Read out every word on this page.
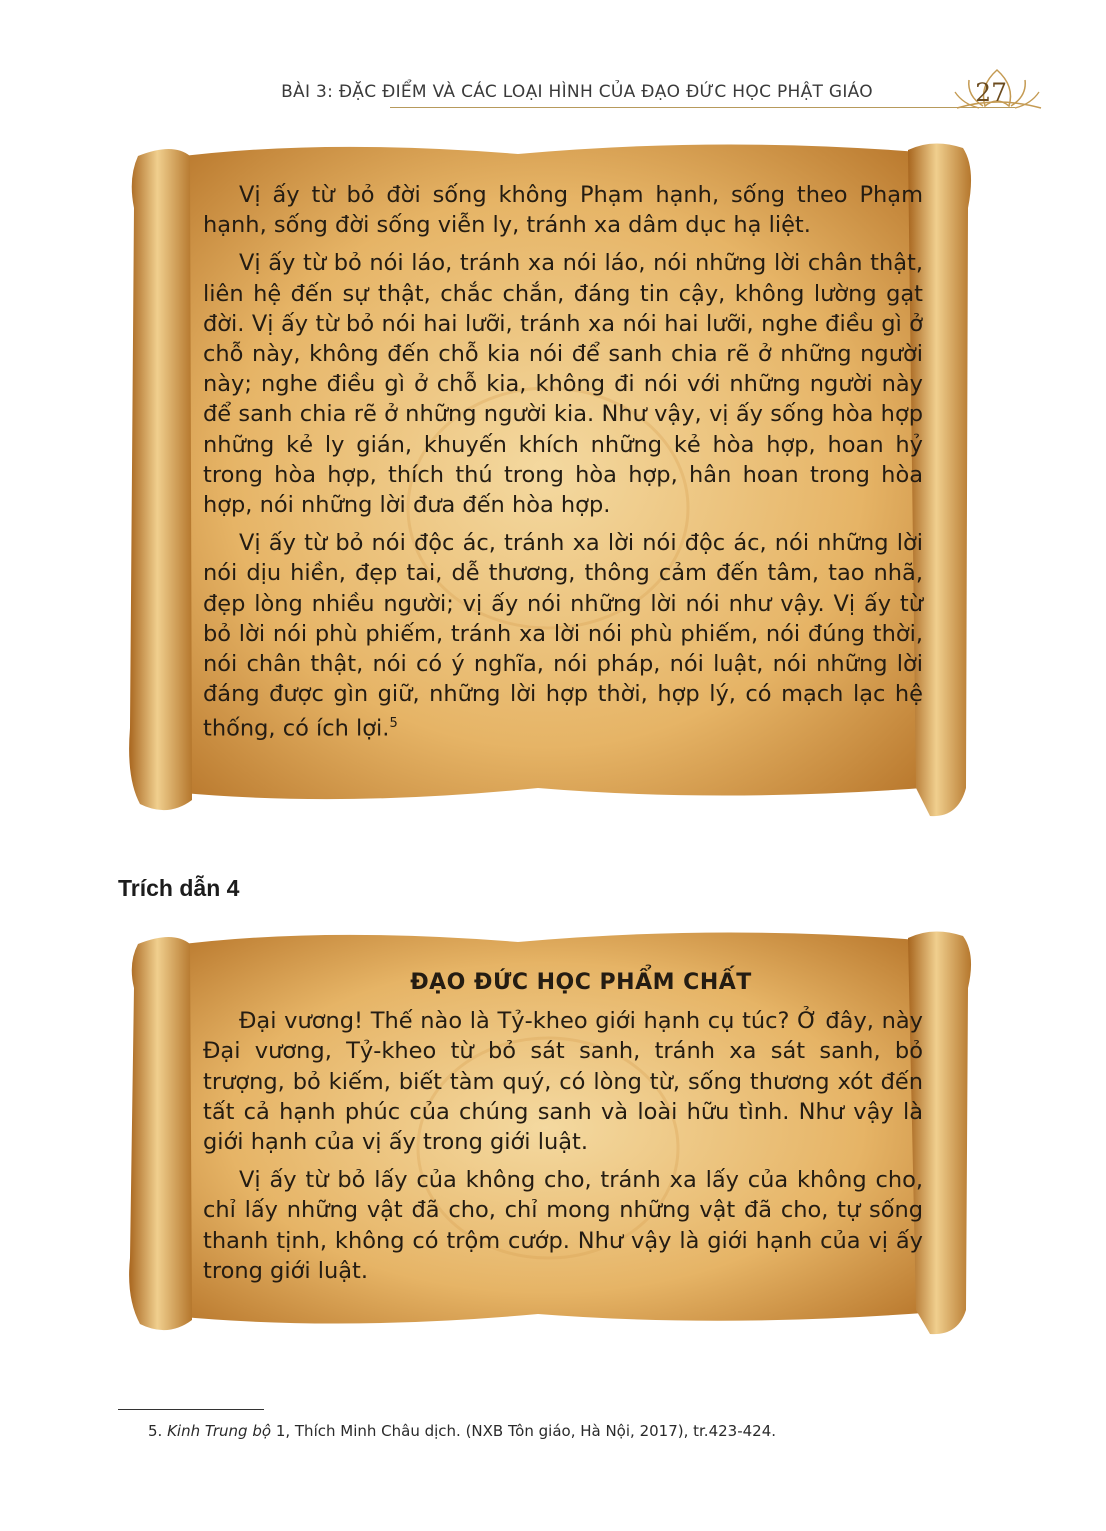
BÀI 3: ĐẶC ĐIỂM VÀ CÁC LOẠI HÌNH CỦA ĐẠO ĐỨC HỌC PHẬT GIÁO	27

Vị ấy từ bỏ đời sống không Phạm hạnh, sống theo Phạm hạnh, sống đời sống viễn ly, tránh xa dâm dục hạ liệt.

Vị ấy từ bỏ nói láo, tránh xa nói láo, nói những lời chân thật, liên hệ đến sự thật, chắc chắn, đáng tin cậy, không lường gạt đời. Vị ấy từ bỏ nói hai lưỡi, tránh xa nói hai lưỡi, nghe điều gì ở chỗ này, không đến chỗ kia nói để sanh chia rẽ ở những người này; nghe điều gì ở chỗ kia, không đi nói với những người này để sanh chia rẽ ở những người kia. Như vậy, vị ấy sống hòa hợp những kẻ ly gián, khuyến khích những kẻ hòa hợp, hoan hỷ trong hòa hợp, thích thú trong hòa hợp, hân hoan trong hòa hợp, nói những lời đưa đến hòa hợp.

Vị ấy từ bỏ nói độc ác, tránh xa lời nói độc ác, nói những lời nói dịu hiền, đẹp tai, dễ thương, thông cảm đến tâm, tao nhã, đẹp lòng nhiều người; vị ấy nói những lời nói như vậy. Vị ấy từ bỏ lời nói phù phiếm, tránh xa lời nói phù phiếm, nói đúng thời, nói chân thật, nói có ý nghĩa, nói pháp, nói luật, nói những lời đáng được gìn giữ, những lời hợp thời, hợp lý, có mạch lạc hệ thống, có ích lợi.$^5$

Trích dẫn 4

ĐẠO ĐỨC HỌC PHẨM CHẤT

Đại vương! Thế nào là Tỷ-kheo giới hạnh cụ túc? Ở đây, này Đại vương, Tỷ-kheo từ bỏ sát sanh, tránh xa sát sanh, bỏ trượng, bỏ kiếm, biết tàm quý, có lòng từ, sống thương xót đến tất cả hạnh phúc của chúng sanh và loài hữu tình. Như vậy là giới hạnh của vị ấy trong giới luật.

Vị ấy từ bỏ lấy của không cho, tránh xa lấy của không cho, chỉ lấy những vật đã cho, chỉ mong những vật đã cho, tự sống thanh tịnh, không có trộm cướp. Như vậy là giới hạnh của vị ấy trong giới luật.

5. Kinh Trung bộ 1, Thích Minh Châu dịch. (NXB Tôn giáo, Hà Nội, 2017), tr.423-424.
